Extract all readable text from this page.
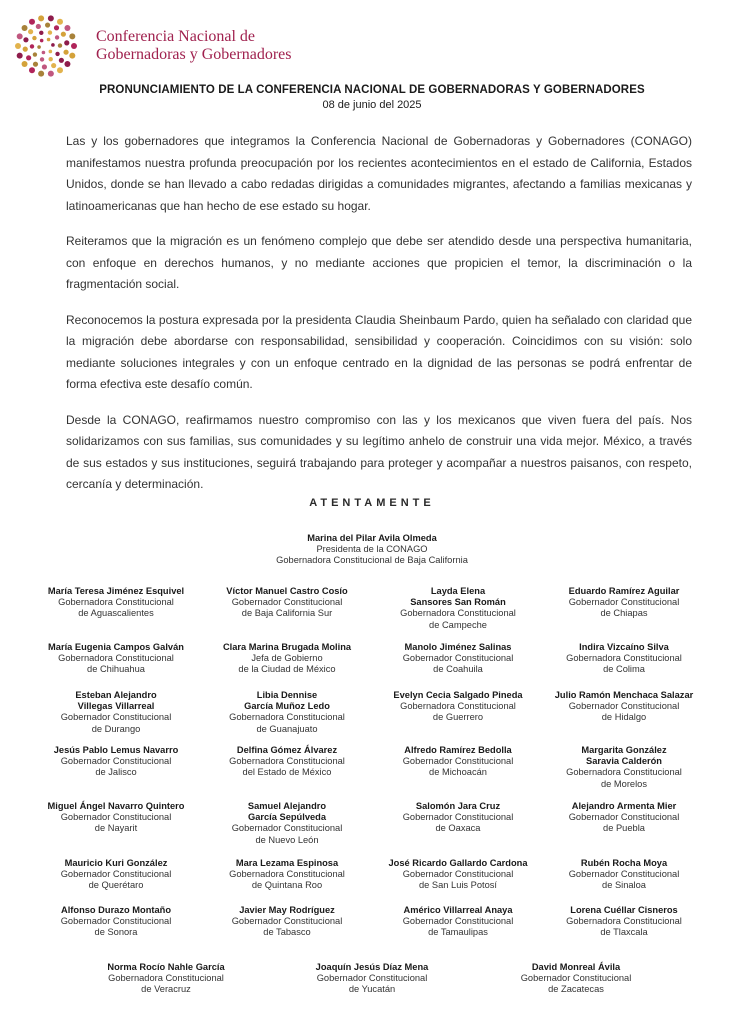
Conferencia Nacional de
Gobernadoras y Gobernadores
PRONUNCIAMIENTO DE LA CONFERENCIA NACIONAL DE GOBERNADORAS Y GOBERNADORES
08 de junio del 2025

Las y los gobernadores que integramos la Conferencia Nacional de Gobernadoras y Gobernadores (CONAGO) manifestamos nuestra profunda preocupación por los recientes acontecimientos en el estado de California, Estados Unidos, donde se han llevado a cabo redadas dirigidas a comunidades migrantes, afectando a familias mexicanas y latinoamericanas que han hecho de ese estado su hogar.

Reiteramos que la migración es un fenómeno complejo que debe ser atendido desde una perspectiva humanitaria, con enfoque en derechos humanos, y no mediante acciones que propicien el temor, la discriminación o la fragmentación social.

Reconocemos la postura expresada por la presidenta Claudia Sheinbaum Pardo, quien ha señalado con claridad que la migración debe abordarse con responsabilidad, sensibilidad y cooperación. Coincidimos con su visión: solo mediante soluciones integrales y con un enfoque centrado en la dignidad de las personas se podrá enfrentar de forma efectiva este desafío común.

Desde la CONAGO, reafirmamos nuestro compromiso con las y los mexicanos que viven fuera del país. Nos solidarizamos con sus familias, sus comunidades y su legítimo anhelo de construir una vida mejor. México, a través de sus estados y sus instituciones, seguirá trabajando para proteger y acompañar a nuestros paisanos, con respeto, cercanía y determinación.

ATENTAMENTE
Marina del Pilar Avila Olmeda
Presidenta de la CONAGO
Gobernadora Constitucional de Baja California
María Teresa Jiménez Esquivel
Gobernadora Constitucional
de Aguascalientes
Víctor Manuel Castro Cosío
Gobernador Constitucional
de Baja California Sur
Layda Elena
Sansores San Román
Gobernadora Constitucional
de Campeche
Eduardo Ramírez Aguilar
Gobernador Constitucional
de Chiapas
María Eugenia Campos Galván
Gobernadora Constitucional
de Chihuahua
Clara Marina Brugada Molina
Jefa de Gobierno
de la Ciudad de México
Manolo Jiménez Salinas
Gobernador Constitucional
de Coahuila
Indira Vizcaíno Silva
Gobernadora Constitucional
de Colima
Esteban Alejandro
Villegas Villarreal
Gobernador Constitucional
de Durango
Libia Dennise
García Muñoz Ledo
Gobernadora Constitucional
de Guanajuato
Evelyn Cecia Salgado Pineda
Gobernadora Constitucional
de Guerrero
Julio Ramón Menchaca Salazar
Gobernador Constitucional
de Hidalgo
Jesús Pablo Lemus Navarro
Gobernador Constitucional
de Jalisco
Delfina Gómez Álvarez
Gobernadora Constitucional
del Estado de México
Alfredo Ramírez Bedolla
Gobernador Constitucional
de Michoacán
Margarita González
Saravia Calderón
Gobernadora Constitucional
de Morelos
Miguel Ángel Navarro Quintero
Gobernador Constitucional
de Nayarit
Samuel Alejandro
García Sepúlveda
Gobernador Constitucional
de Nuevo León
Salomón Jara Cruz
Gobernador Constitucional
de Oaxaca
Alejandro Armenta Mier
Gobernador Constitucional
de Puebla
Mauricio Kuri González
Gobernador Constitucional
de Querétaro
Mara Lezama Espinosa
Gobernadora Constitucional
de Quintana Roo
José Ricardo Gallardo Cardona
Gobernador Constitucional
de San Luis Potosí
Rubén Rocha Moya
Gobernador Constitucional
de Sinaloa
Alfonso Durazo Montaño
Gobernador Constitucional
de Sonora
Javier May Rodríguez
Gobernador Constitucional
de Tabasco
Américo Villarreal Anaya
Gobernador Constitucional
de Tamaulipas
Lorena Cuéllar Cisneros
Gobernadora Constitucional
de Tlaxcala
Norma Rocío Nahle García
Gobernadora Constitucional
de Veracruz
Joaquín Jesús Díaz Mena
Gobernador Constitucional
de Yucatán
David Monreal Ávila
Gobernador Constitucional
de Zacatecas
